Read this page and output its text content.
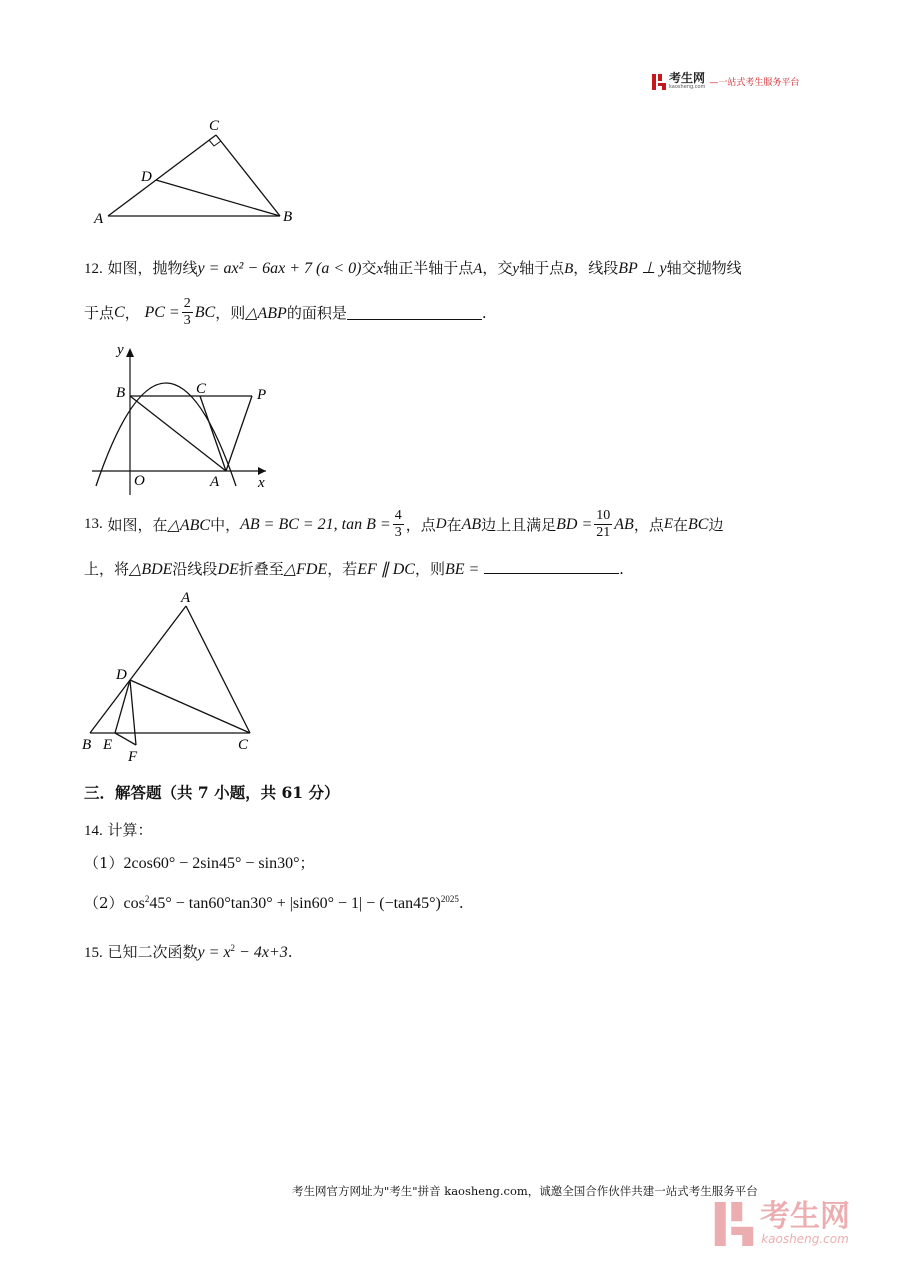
考生网
kaosheng.com —一站式考生服务平台
A	B
C
D
12. 如图，抛物线y = ax² − 6ax + 7 (a < 0)交x轴正半轴于点A，交y轴于点B，线段BP ⊥ y轴交抛物线
于点 C ，
PC = $\frac{2}{3}$ BC ，则 △ABP 的面积是	.
y
x
O	A
B	C	P
13.
如图，在 △ABC 中， AB = BC = 21, $\tan B = \frac{4}{3}$ ，点 D 在 AB 边上且满足 BD = $\frac{10}{21}$ AB ，点 E 在 BC 边
上，将△BDE沿线段DE折叠至△FDE，若EF ∥ DC，则BE =	.
A
B	C
D
E
F
三．解答题（共 7 小题，共 61 分）
14. 计算：
（1）2cos60° − 2sin45° − sin30°；
$(2)\cos^245^\circ - \tan 60^\circ\tan 30^\circ + |\sin 60^\circ - 1| - (-\tan 45^\circ)^{2025}$.
15. 已知二次函数$y = x^2 - 4x+3$.
考生网官方网址为"考生"拼音 kaosheng.com，诚邀全国合作伙伴共建一站式考生服务平台
考生网
kaosheng.com
